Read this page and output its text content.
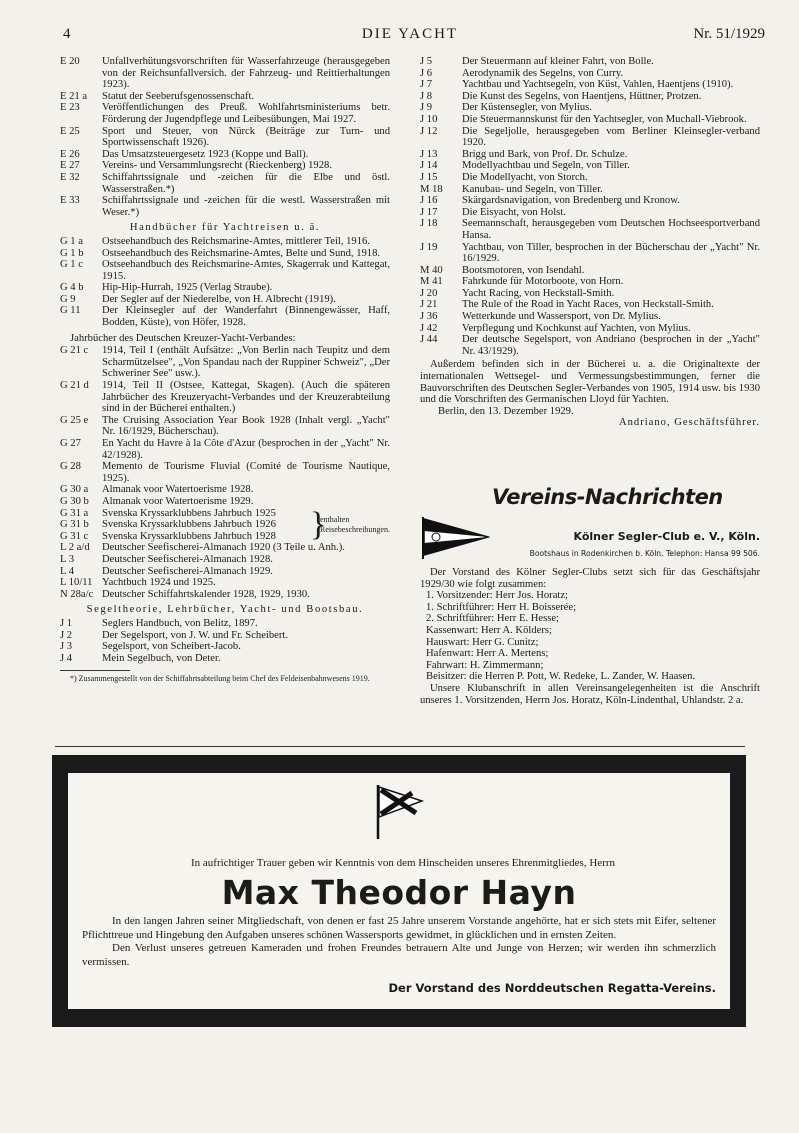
4	DIE YACHT	Nr. 51/1929
E 20	Unfallverhütungsvorschriften für Wasserfahrzeuge (herausgegeben von der Reichsunfallversich. der Fahrzeug- und Reittierhaltungen 1923).
E 21 a	Statut der Seeberufsgenossenschaft.
E 23	Veröffentlichungen des Preuß. Wohlfahrtsministeriums betr. Förderung der Jugendpflege und Leibesübungen, Mai 1927.
E 25	Sport und Steuer, von Nürck (Beiträge zur Turn- und Sportwissenschaft 1926).
E 26	Das Umsatzsteuergesetz 1923 (Koppe und Ball).
E 27	Vereins- und Versammlungsrecht (Rieckenberg) 1928.
E 32	Schiffahrtssignale und -zeichen für die Elbe und östl. Wasserstraßen.*)
E 33	Schiffahrtssignale und -zeichen für die westl. Wasserstraßen mit Weser.*)
Handbücher für Yachtreisen u. ä.
G 1 a	Ostseehandbuch des Reichsmarine-Amtes, mittlerer Teil, 1916.
G 1 b	Ostseehandbuch des Reichsmarine-Amtes, Belte und Sund, 1918.
G 1 c	Ostseehandbuch des Reichsmarine-Amtes, Skagerrak und Kattegat, 1915.
G 4 b	Hip-Hip-Hurrah, 1925 (Verlag Straube).
G 9	Der Segler auf der Niederelbe, von H. Albrecht (1919).
G 11	Der Kleinsegler auf der Wanderfahrt (Binnengewässer, Haff, Bodden, Küste), von Höfer, 1928.
Jahrbücher des Deutschen Kreuzer-Yacht-Verbandes:
G 21 c	1914, Teil I (enthält Aufsätze: „Von Berlin nach Teupitz und dem Scharmützelsee", „Von Spandau nach der Ruppiner Schweiz", „Der Schweriner See" usw.).
G 21 d	1914, Teil II (Ostsee, Kattegat, Skagen). (Auch die späteren Jahrbücher des Kreuzeryacht-Verbandes und der Kreuzerabteilung sind in der Bücherei enthalten.)
G 25 e	The Cruising Association Year Book 1928 (Inhalt vergl. „Yacht" Nr. 16/1929, Bücherschau).
G 27	En Yacht du Havre à la Côte d'Azur (besprochen in der „Yacht" Nr. 42/1928).
G 28	Memento de Tourisme Fluvial (Comité de Tourisme Nautique, 1925).
G 30 a	Almanak voor Watertoerisme 1928.
G 30 b	Almanak voor Watertoerisme 1929.
G 31 a	Svenska Kryssarklubbens Jahrbuch 1925
G 31 b	Svenska Kryssarklubbens Jahrbuch 1926
G 31 c	Svenska Kryssarklubbens Jahrbuch 1928	}
enthalten Reisebeschreibungen.
L 2 a/d	Deutscher Seefischerei-Almanach 1920 (3 Teile u. Anh.).
L 3	Deutscher Seefischerei-Almanach 1928.
L 4	Deutscher Seefischerei-Almanach 1929.
L 10/11 Yachtbuch 1924 und 1925.
N 28a/c Deutscher Schiffahrtskalender 1928, 1929, 1930.
Segeltheorie, Lehrbücher, Yacht- und Bootsbau.
J 1	Seglers Handbuch, von Belitz, 1897.
J 2	Der Segelsport, von J. W. und Fr. Scheibert.
J 3	Segelsport, von Scheibert-Jacob.
J 4	Mein Segelbuch, von Deter.
*) Zusammengestellt von der Schiffahrtsabteilung beim Chef des Feldeisenbahnwesens 1919.
J 5	Der Steuermann auf kleiner Fahrt, von Bolle.
J 6	Aerodynamik des Segelns, von Curry.
J 7	Yachtbau und Yachtsegeln, von Küst, Vahlen, Haentjens (1910).
J 8	Die Kunst des Segelns, von Haentjens, Hüttner, Protzen.
J 9	Der Küstensegler, von Mylius.
J 10	Die Steuermannskunst für den Yachtsegler, von Muchall-Viebrook.
J 12	Die Segeljolle, herausgegeben vom Berliner Kleinsegler-verband 1920.
J 13	Brigg und Bark, von Prof. Dr. Schulze.
J 14	Modellyachtbau und Segeln, von Tiller.
J 15	Die Modellyacht, von Storch.
M 18	Kanubau- und Segeln, von Tiller.
J 16	Skärgardsnavigation, von Bredenberg und Kronow.
J 17	Die Eisyacht, von Holst.
J 18	Seemannschaft, herausgegeben vom Deutschen Hochseesportverband Hansa.
J 19	Yachtbau, von Tiller, besprochen in der Bücherschau der „Yacht" Nr. 16/1929.
M 40	Bootsmotoren, von Isendahl.
M 41	Fahrkunde für Motorboote, von Horn.
J 20	Yacht Racing, von Heckstall-Smith.
J 21	The Rule of the Road in Yacht Races, von Heckstall-Smith.
J 36	Wetterkunde und Wassersport, von Dr. Mylius.
J 42	Verpflegung und Kochkunst auf Yachten, von Mylius.
J 44	Der deutsche Segelsport, von Andriano (besprochen in der „Yacht" Nr. 43/1929).
Außerdem befinden sich in der Bücherei u. a. die Originaltexte der internationalen Wettsegel- und Vermessungsbestimmungen, ferner die Bauvorschriften des Deutschen Segler-Verbandes von 1905, 1914 usw. bis 1930 und die Vorschriften des Germanischen Lloyd für Yachten.
Berlin, den 13. Dezember 1929.
Andriano, Geschäftsführer.
Vereins-Nachrichten
Kölner Segler-Club e. V., Köln.
Bootshaus in Rodenkirchen b. Köln. Telephon: Hansa 99 506.

Der Vorstand des Kölner Segler-Clubs setzt sich für das Geschäftsjahr 1929/30 wie folgt zusammen:

1. Vorsitzender: Herr Jos. Horatz;
1. Schriftführer: Herr H. Boisserée;
2. Schriftführer: Herr E. Hesse;
Kassenwart: Herr A. Kölders;
Hauswart: Herr G. Cunitz;
Hafenwart: Herr A. Mertens;
Fahrwart: H. Zimmermann;
Beisitzer: die Herren P. Pott, W. Redeke, L. Zander, W. Haasen.

Unsere Klubanschrift in allen Vereinsangelegenheiten ist die Anschrift unseres 1. Vorsitzenden, Herrn Jos. Horatz, Köln-Lindenthal, Uhlandstr. 2 a.

In aufrichtiger Trauer geben wir Kenntnis von dem Hinscheiden unseres Ehrenmitgliedes, Herrn
Max Theodor Hayn

In den langen Jahren seiner Mitgliedschaft, von denen er fast 25 Jahre unserem Vorstande angehörte, hat er sich stets mit Eifer, seltener Pflichttreue und Hingebung den Aufgaben unseres schönen Wassersports gewidmet, in glücklichen und in ernsten Zeiten.

Den Verlust unseres getreuen Kameraden und frohen Freundes betrauern Alte und Junge von Herzen; wir werden ihn schmerzlich vermissen.

Der Vorstand des Norddeutschen Regatta-Vereins.
